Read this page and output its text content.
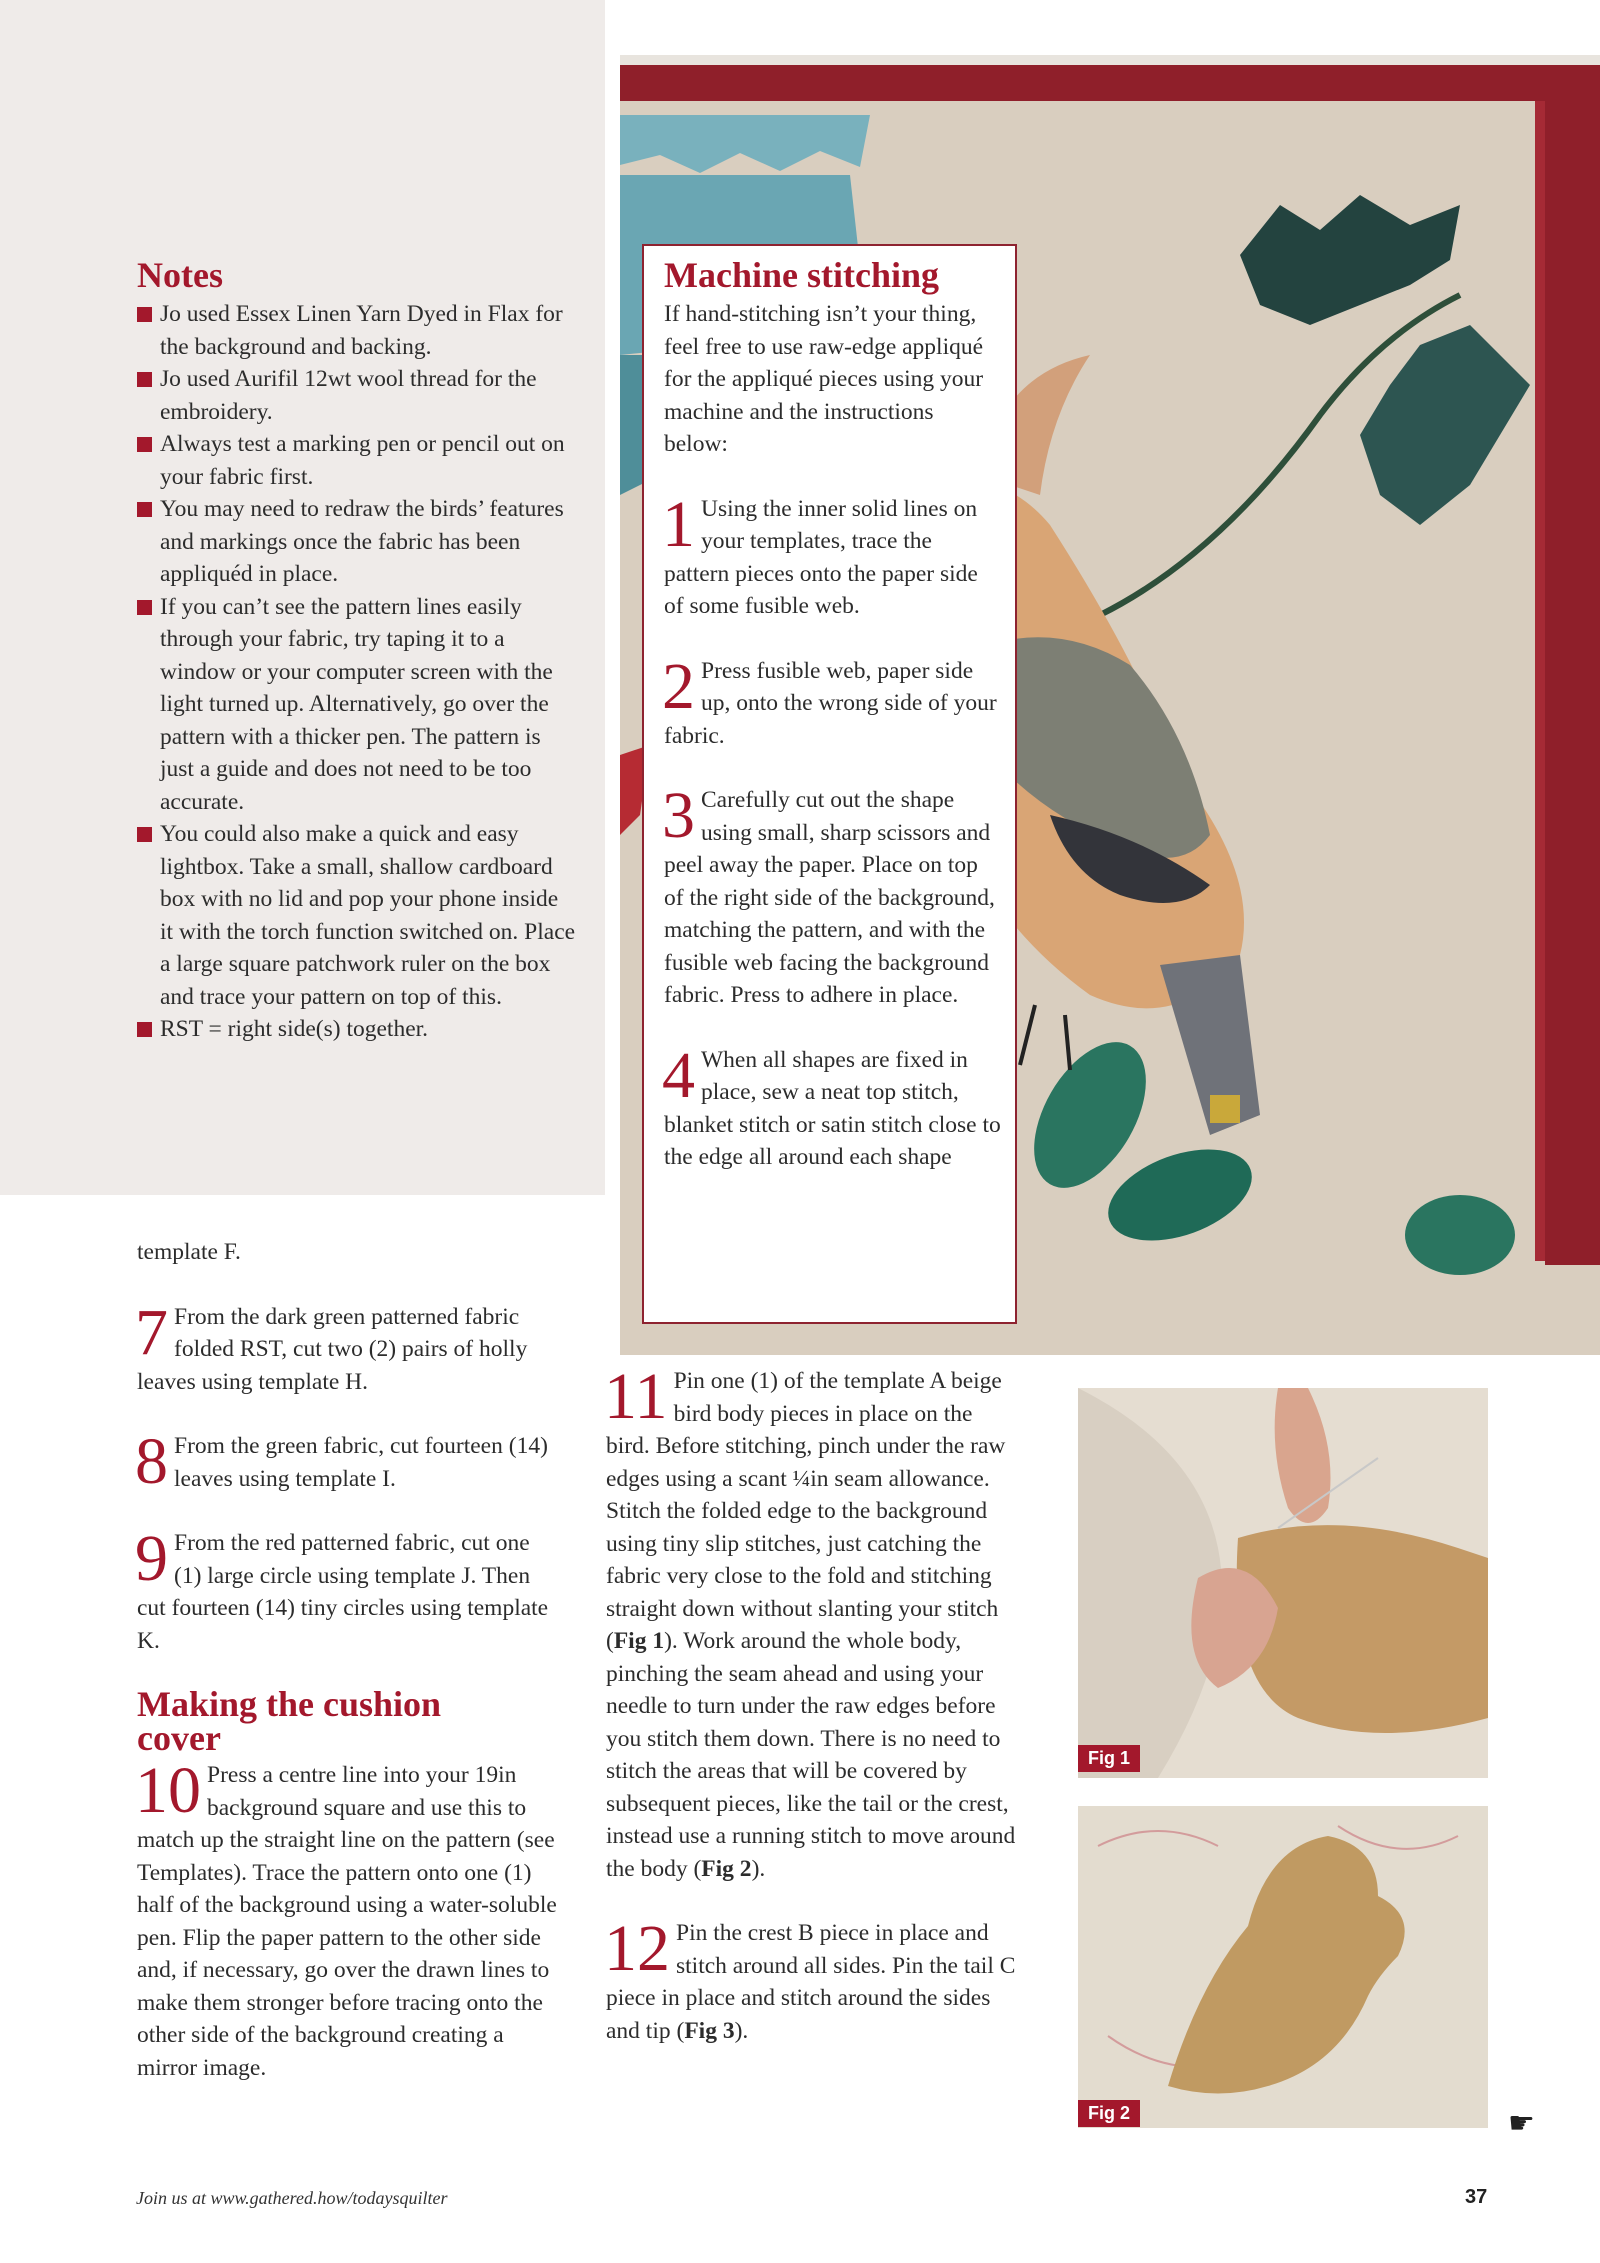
Notes
Jo used Essex Linen Yarn Dyed in Flax for the background and backing.
Jo used Aurifil 12wt wool thread for the embroidery.
Always test a marking pen or pencil out on your fabric first.
You may need to redraw the birds’ features and markings once the fabric has been appliquéd in place.
If you can’t see the pattern lines easily through your fabric, try taping it to a window or your computer screen with the light turned up. Alternatively, go over the pattern with a thicker pen. The pattern is just a guide and does not need to be too accurate.
You could also make a quick and easy lightbox. Take a small, shallow cardboard box with no lid and pop your phone inside it with the torch function switched on. Place a large square patchwork ruler on the box and trace your pattern on top of this.
RST = right side(s) together.
Machine stitching

If hand-stitching isn’t your thing, feel free to use raw-edge appliqué for the appliqué pieces using your machine and the instructions below:

1 Using the inner solid lines on your templates, trace the pattern pieces onto the paper side of some fusible web.
2 Press fusible web, paper side up, onto the wrong side of your fabric.
3 Carefully cut out the shape using small, sharp scissors and peel away the paper. Place on top of the right side of the background, matching the pattern, and with the fusible web facing the background fabric. Press to adhere in place.
4 When all shapes are fixed in place, sew a neat top stitch, blanket stitch or satin stitch close to the edge all around each shape

template F.

7 From the dark green patterned fabric folded RST, cut two (2) pairs of holly leaves using template H.
8 From the green fabric, cut fourteen (14) leaves using template I.
9 From the red patterned fabric, cut one (1) large circle using template J. Then cut fourteen (14) tiny circles using template K.
Making the cushion cover
10 Press a centre line into your 19in background square and use this to match up the straight line on the pattern (see Templates). Trace the pattern onto one (1) half of the background using a water-soluble pen. Flip the paper pattern to the other side and, if necessary, go over the drawn lines to make them stronger before tracing onto the other side of the background creating a mirror image.
11 Pin one (1) of the template A beige bird body pieces in place on the bird. Before stitching, pinch under the raw edges using a scant ¼in seam allowance. Stitch the folded edge to the background using tiny slip stitches, just catching the fabric very close to the fold and stitching straight down without slanting your stitch (Fig 1). Work around the whole body, pinching the seam ahead and using your needle to turn under the raw edges before you stitch them down. There is no need to stitch the areas that will be covered by subsequent pieces, like the tail or the crest, instead use a running stitch to move around the body (Fig 2).
12 Pin the crest B piece in place and stitch around all sides. Pin the tail C piece in place and stitch around the sides and tip (Fig 3).
Fig 1
Fig 2	☛
Join us at www.gathered.how/todaysquilter	37
